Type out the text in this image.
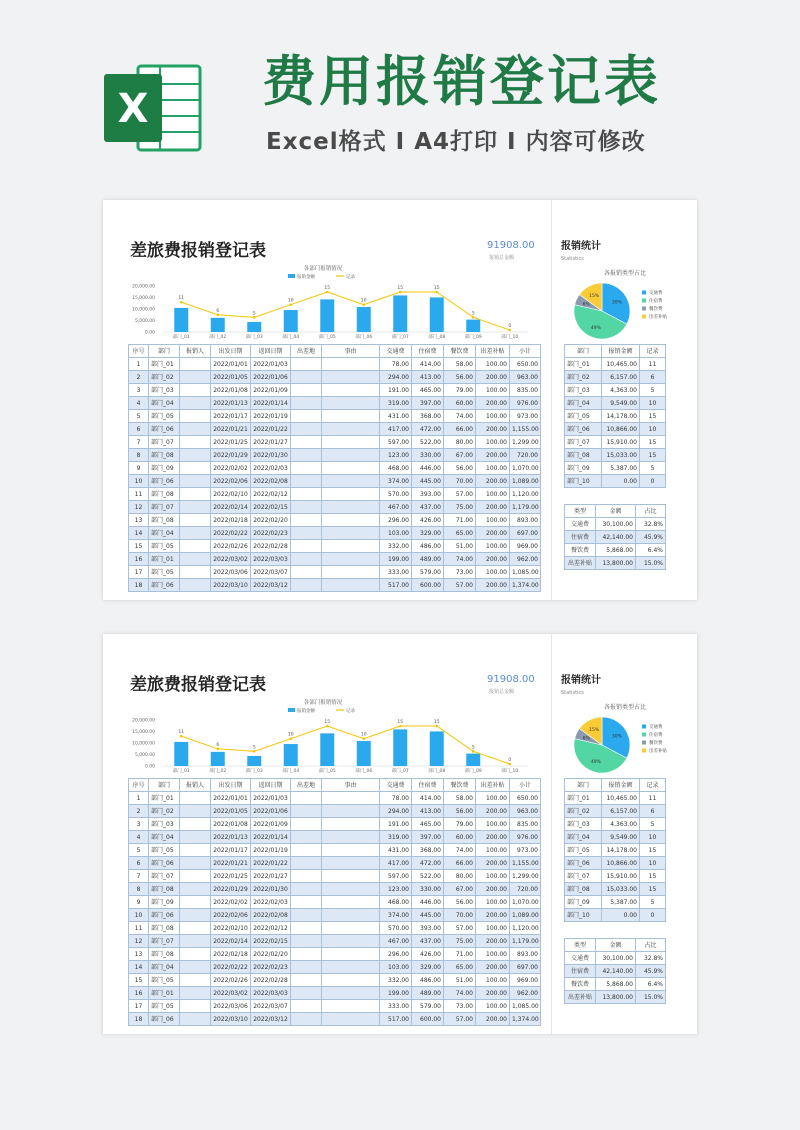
X 费用报销登记表
Excel格式 I A4打印 I 内容可修改
差旅费报销登记表	91908.00
报销总金额
各部门报销情况
报销金额	记录
20,000.00
15,000.00
10,000.00
5,000.00
0.00
部门_01	部门_02	部门_03	部门_04	部门_05	部门_06	部门_07	部门_08	部门_09	部门_10
11
6
5
10
15
10
15	15
5
0
序号	部门	报销人	出发日期	返回日期	出差地	事由	交通费	住宿费	餐饮费	出差补贴	小计
1	部门_01		2022/01/01	2022/01/03			78.00	414.00	58.00	100.00	650.00
2	部门_02		2022/01/05	2022/01/06			294.00	413.00	56.00	200.00	963.00
3	部门_03		2022/01/08	2022/01/09			191.00	465.00	79.00	100.00	835.00
4	部门_04		2022/01/13	2022/01/14			319.00	397.00	60.00	200.00	976.00
5	部门_05		2022/01/17	2022/01/19			431.00	368.00	74.00	100.00	973.00
6	部门_06		2022/01/21	2022/01/22			417.00	472.00	66.00	200.00	1,155.00
7	部门_07		2022/01/25	2022/01/27			597.00	522.00	80.00	100.00	1,299.00
8	部门_08		2022/01/29	2022/01/30			123.00	330.00	67.00	200.00	720.00
9	部门_09		2022/02/02	2022/02/03			468.00	446.00	56.00	100.00	1,070.00
10	部门_06		2022/02/06	2022/02/08			374.00	445.00	70.00	200.00	1,089.00
11	部门_08		2022/02/10	2022/02/12			570.00	393.00	57.00	100.00	1,120.00
12	部门_07		2022/02/14	2022/02/15			467.00	437.00	75.00	200.00	1,179.00
13	部门_08		2022/02/18	2022/02/20			296.00	426.00	71.00	100.00	893.00
14	部门_04		2022/02/22	2022/02/23			103.00	329.00	65.00	200.00	697.00
15	部门_05		2022/02/26	2022/02/28			332.00	486.00	51.00	100.00	969.00
16	部门_01		2022/03/02	2022/03/03			199.00	489.00	74.00	200.00	962.00
17	部门_05		2022/03/06	2022/03/07			333.00	579.00	73.00	100.00	1,085.00
18	部门_06		2022/03/10	2022/03/12			517.00	600.00	57.00	200.00	1,374.00
报销统计
Statistics
各报销类型占比
30%
49%
6%
15%
交通费
住宿费
餐饮费
出差补贴
部门	报销金额	记录
部门_01	10,465.00	11
部门_02	6,157.00	6
部门_03	4,363.00	5
部门_04	9,549.00	10
部门_05	14,178.00	15
部门_06	10,866.00	10
部门_07	15,910.00	15
部门_08	15,033.00	15
部门_09	5,387.00	5
部门_10	0.00	0
类型	金额	占比
交通费	30,100.00	32.8%
住宿费	42,140.00	45.9%
餐饮费	5,868.00	6.4%
出差补贴	13,800.00	15.0%
差旅费报销登记表	91908.00
报销总金额
各部门报销情况
报销金额	记录
20,000.00
15,000.00
10,000.00
5,000.00
0.00
部门_01	部门_02	部门_03	部门_04	部门_05	部门_06	部门_07	部门_08	部门_09	部门_10
11
6
5
10
15
10
15	15
5
0
序号	部门	报销人	出发日期	返回日期	出差地	事由	交通费	住宿费	餐饮费	出差补贴	小计
1	部门_01		2022/01/01	2022/01/03			78.00	414.00	58.00	100.00	650.00
2	部门_02		2022/01/05	2022/01/06			294.00	413.00	56.00	200.00	963.00
3	部门_03		2022/01/08	2022/01/09			191.00	465.00	79.00	100.00	835.00
4	部门_04		2022/01/13	2022/01/14			319.00	397.00	60.00	200.00	976.00
5	部门_05		2022/01/17	2022/01/19			431.00	368.00	74.00	100.00	973.00
6	部门_06		2022/01/21	2022/01/22			417.00	472.00	66.00	200.00	1,155.00
7	部门_07		2022/01/25	2022/01/27			597.00	522.00	80.00	100.00	1,299.00
8	部门_08		2022/01/29	2022/01/30			123.00	330.00	67.00	200.00	720.00
9	部门_09		2022/02/02	2022/02/03			468.00	446.00	56.00	100.00	1,070.00
10	部门_06		2022/02/06	2022/02/08			374.00	445.00	70.00	200.00	1,089.00
11	部门_08		2022/02/10	2022/02/12			570.00	393.00	57.00	100.00	1,120.00
12	部门_07		2022/02/14	2022/02/15			467.00	437.00	75.00	200.00	1,179.00
13	部门_08		2022/02/18	2022/02/20			296.00	426.00	71.00	100.00	893.00
14	部门_04		2022/02/22	2022/02/23			103.00	329.00	65.00	200.00	697.00
15	部门_05		2022/02/26	2022/02/28			332.00	486.00	51.00	100.00	969.00
16	部门_01		2022/03/02	2022/03/03			199.00	489.00	74.00	200.00	962.00
17	部门_05		2022/03/06	2022/03/07			333.00	579.00	73.00	100.00	1,085.00
18	部门_06		2022/03/10	2022/03/12			517.00	600.00	57.00	200.00	1,374.00
报销统计
Statistics
各报销类型占比
30%
49%
6%
15%
交通费
住宿费
餐饮费
出差补贴
部门	报销金额	记录
部门_01	10,465.00	11
部门_02	6,157.00	6
部门_03	4,363.00	5
部门_04	9,549.00	10
部门_05	14,178.00	15
部门_06	10,866.00	10
部门_07	15,910.00	15
部门_08	15,033.00	15
部门_09	5,387.00	5
部门_10	0.00	0
类型	金额	占比
交通费	30,100.00	32.8%
住宿费	42,140.00	45.9%
餐饮费	5,868.00	6.4%
出差补贴	13,800.00	15.0%
